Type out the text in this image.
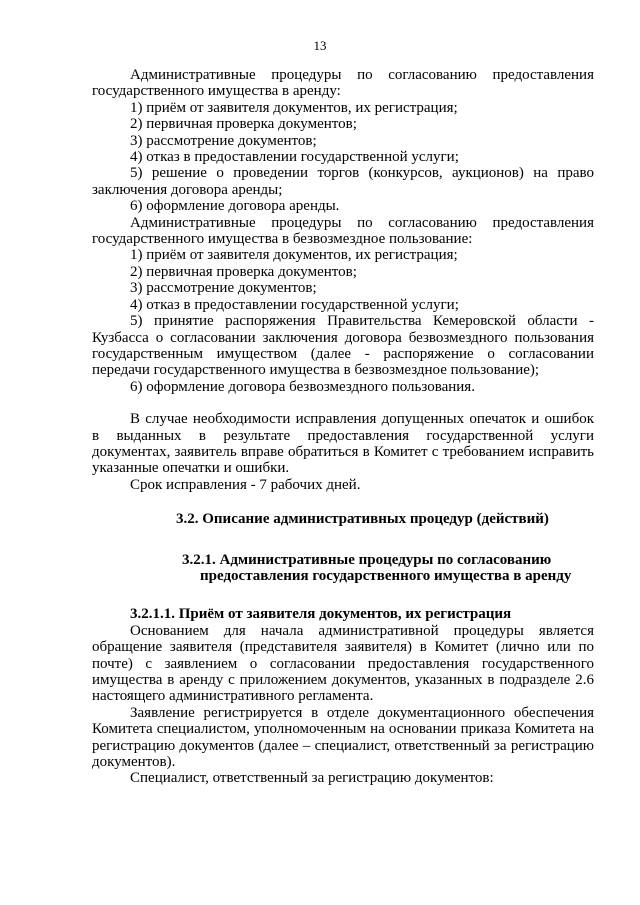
13

Административные процедуры по согласованию предоставления государственного имущества в аренду:

1) приём от заявителя документов, их регистрация;

2) первичная проверка документов;

3) рассмотрение документов;

4) отказ в предоставлении государственной услуги;

5) решение о проведении торгов (конкурсов, аукционов) на право заключения договора аренды;

6) оформление договора аренды.

Административные процедуры по согласованию предоставления государственного имущества в безвозмездное пользование:

1) приём от заявителя документов, их регистрация;

2) первичная проверка документов;

3) рассмотрение документов;

4) отказ в предоставлении государственной услуги;

5) принятие распоряжения Правительства Кемеровской области - Кузбасса о согласовании заключения договора безвозмездного пользования государственным имуществом (далее - распоряжение о согласовании передачи государственного имущества в безвозмездное пользование);

6) оформление договора безвозмездного пользования.

В случае необходимости исправления допущенных опечаток и ошибок в выданных в результате предоставления государственной услуги документах, заявитель вправе обратиться в Комитет с требованием исправить указанные опечатки и ошибки.

Срок исправления - 7 рабочих дней.

3.2. Описание административных процедур (действий)

3.2.1. Административные процедуры по согласованию предоставления государственного имущества в аренду

3.2.1.1. Приём от заявителя документов, их регистрация

Основанием для начала административной процедуры является обращение заявителя (представителя заявителя) в Комитет (лично или по почте) с заявлением о согласовании предоставления государственного имущества в аренду с приложением документов, указанных в подразделе 2.6 настоящего административного регламента.

Заявление регистрируется в отделе документационного обеспечения Комитета специалистом, уполномоченным на основании приказа Комитета на регистрацию документов (далее – специалист, ответственный за регистрацию документов).

Специалист, ответственный за регистрацию документов:
